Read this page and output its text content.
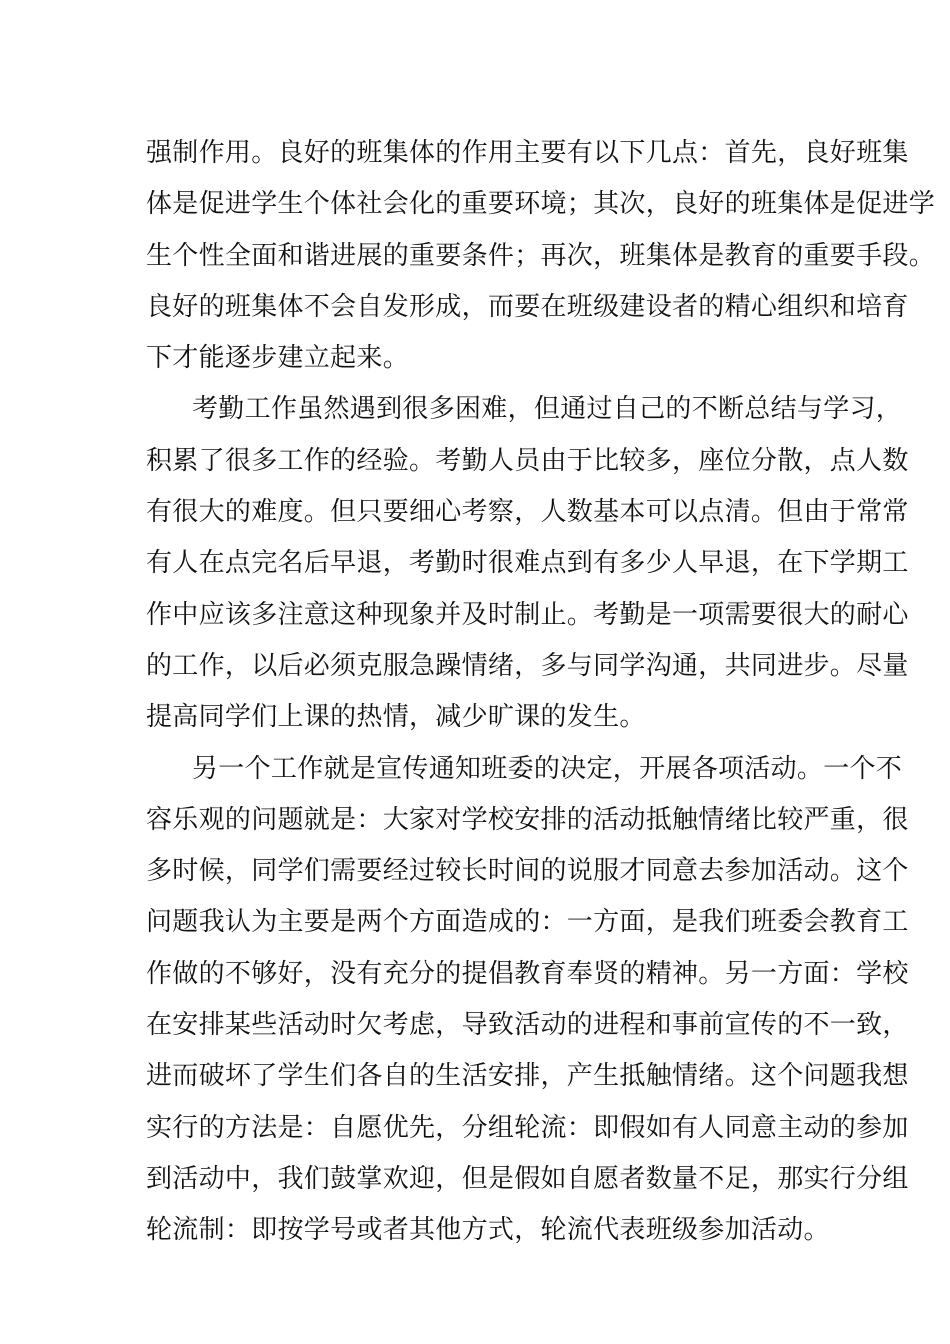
强制作用。良好的班集体的作用主要有以下几点：首先，良好班集
体是促进学生个体社会化的重要环境；其次，良好的班集体是促进学
生个性全面和谐进展的重要条件；再次，班集体是教育的重要手段。
良好的班集体不会自发形成，而要在班级建设者的精心组织和培育
下才能逐步建立起来。
考勤工作虽然遇到很多困难，但通过自己的不断总结与学习，
积累了很多工作的经验。考勤人员由于比较多，座位分散，点人数
有很大的难度。但只要细心考察，人数基本可以点清。但由于常常
有人在点完名后早退，考勤时很难点到有多少人早退，在下学期工
作中应该多注意这种现象并及时制止。考勤是一项需要很大的耐心
的工作，以后必须克服急躁情绪，多与同学沟通，共同进步。尽量
提高同学们上课的热情，减少旷课的发生。
另一个工作就是宣传通知班委的决定，开展各项活动。一个不
容乐观的问题就是：大家对学校安排的活动抵触情绪比较严重，很
多时候，同学们需要经过较长时间的说服才同意去参加活动。这个
问题我认为主要是两个方面造成的：一方面，是我们班委会教育工
作做的不够好，没有充分的提倡教育奉贤的精神。另一方面：学校
在安排某些活动时欠考虑，导致活动的进程和事前宣传的不一致，
进而破坏了学生们各自的生活安排，产生抵触情绪。这个问题我想
实行的方法是：自愿优先，分组轮流：即假如有人同意主动的参加
到活动中，我们鼓掌欢迎，但是假如自愿者数量不足，那实行分组
轮流制：即按学号或者其他方式，轮流代表班级参加活动。
